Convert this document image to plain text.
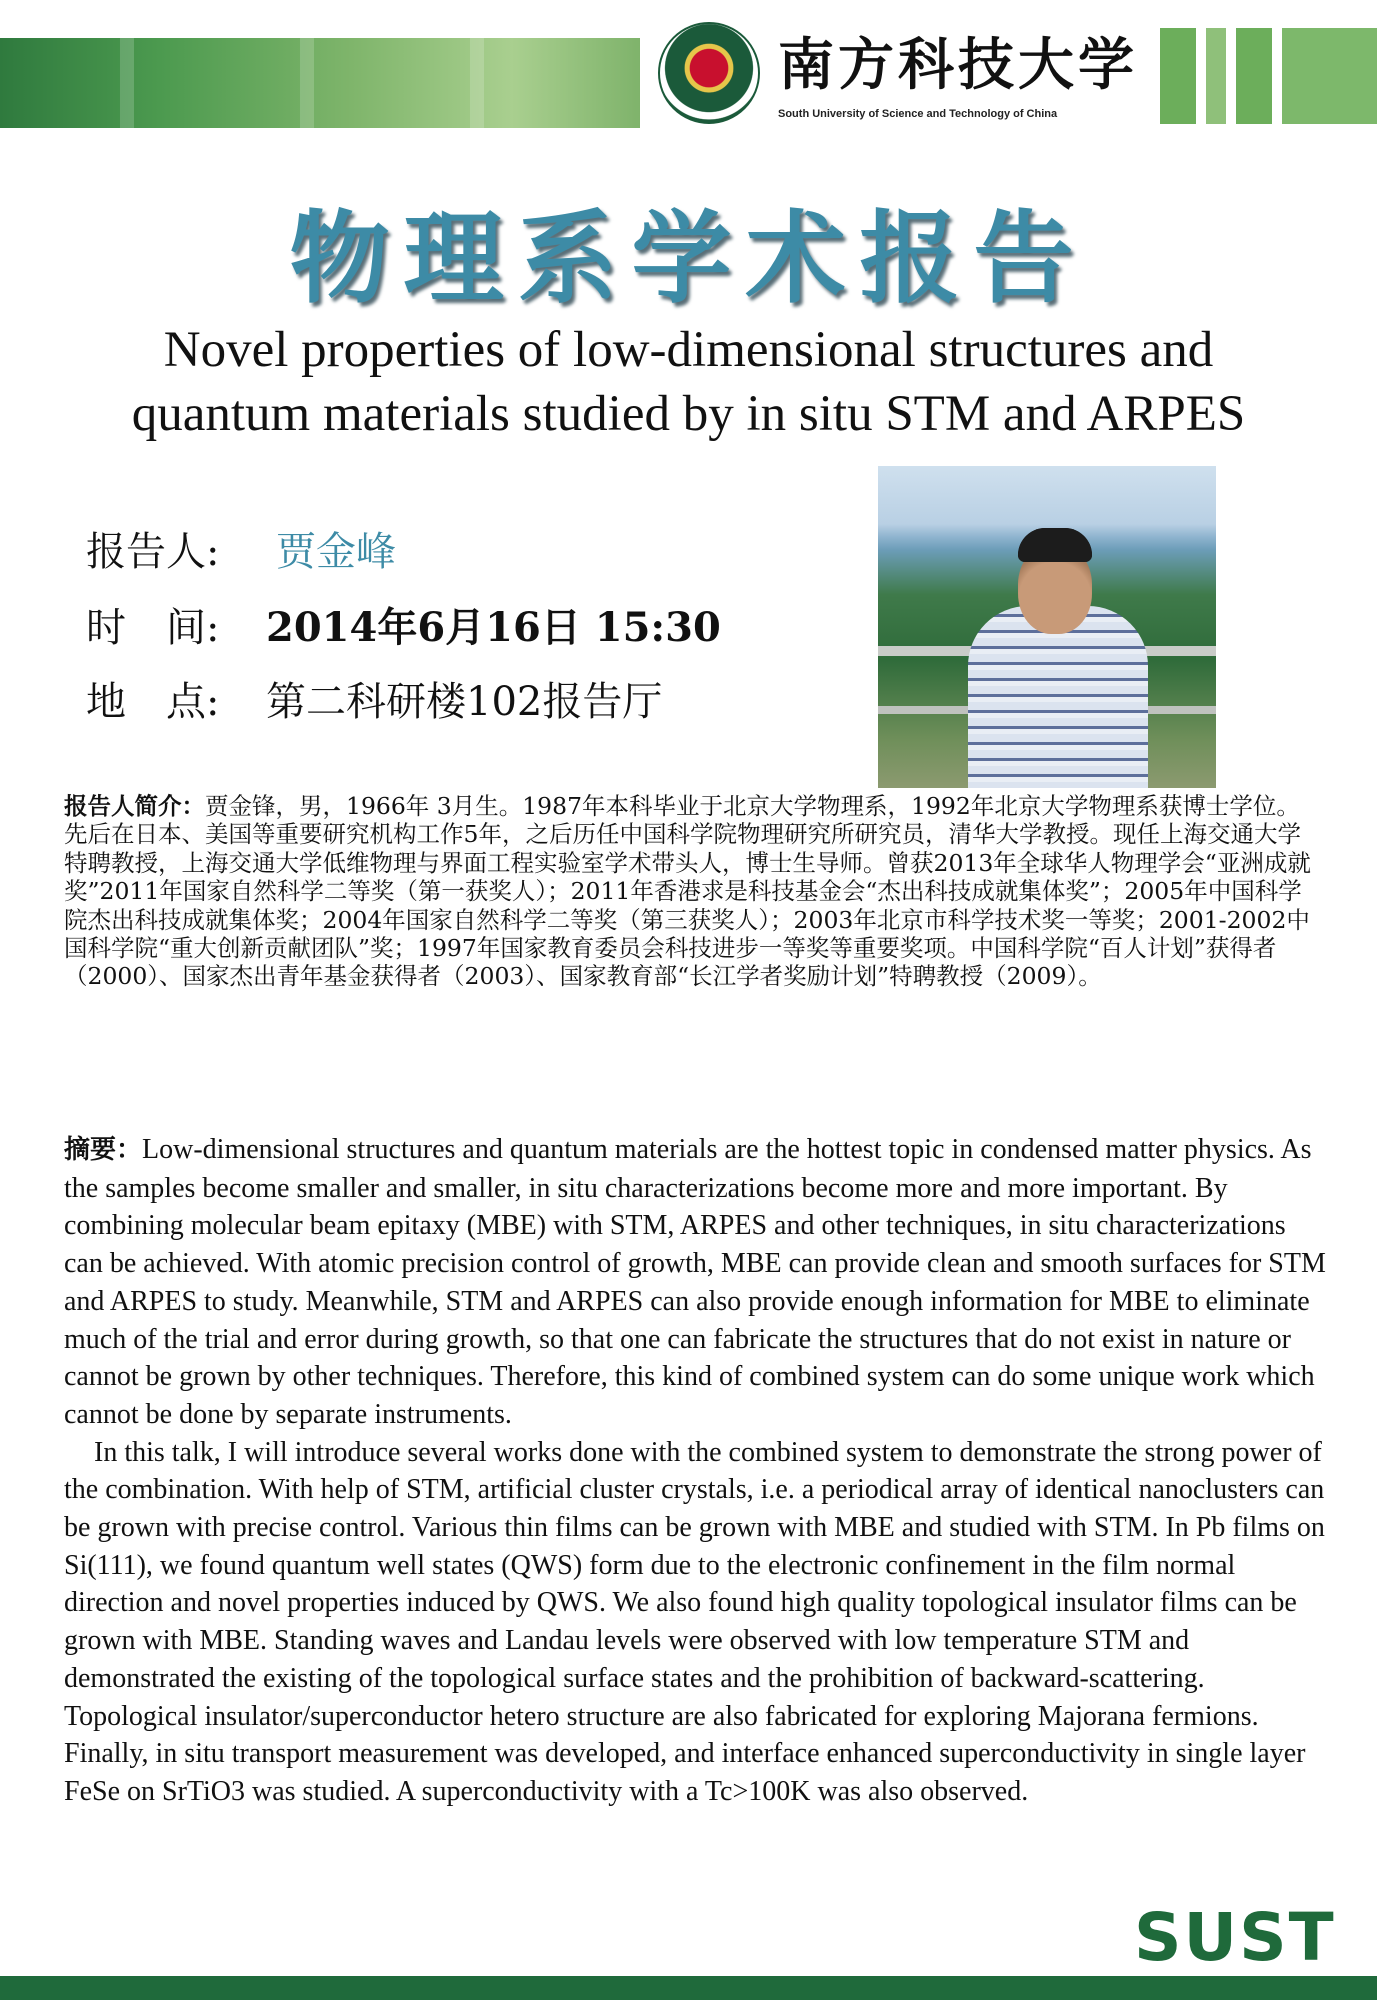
南方科技大学
South University of Science and Technology of China
物理系学术报告
Novel properties of low-dimensional structures and
quantum materials studied by in situ STM and ARPES
报告人: 贾金峰
时　间: 2014年6月16日 15:30
地　点: 第二科研楼102报告厅
报告人简介：贾金锋，男，1966年 3月生。1987年本科毕业于北京大学物理系，1992年北京大学物理系获博士学位。先后在日本、美国等重要研究机构工作5年，之后历任中国科学院物理研究所研究员，清华大学教授。现任上海交通大学特聘教授，上海交通大学低维物理与界面工程实验室学术带头人，博士生导师。曾获2013年全球华人物理学会“亚洲成就奖”2011年国家自然科学二等奖（第一获奖人）；2011年香港求是科技基金会“杰出科技成就集体奖”；2005年中国科学院杰出科技成就集体奖；2004年国家自然科学二等奖（第三获奖人）；2003年北京市科学技术奖一等奖；2001-2002中国科学院“重大创新贡献团队”奖；1997年国家教育委员会科技进步一等奖等重要奖项。中国科学院“百人计划”获得者（2000）、国家杰出青年基金获得者（2003）、国家教育部“长江学者奖励计划”特聘教授（2009）。

摘要：Low-dimensional structures and quantum materials are the hottest topic in condensed matter physics. As the samples become smaller and smaller, in situ characterizations become more and more important. By combining molecular beam epitaxy (MBE) with STM, ARPES and other techniques, in situ characterizations can be achieved. With atomic precision control of growth, MBE can provide clean and smooth surfaces for STM and ARPES to study. Meanwhile, STM and ARPES can also provide enough information for MBE to eliminate much of the trial and error during growth, so that one can fabricate the structures that do not exist in nature or cannot be grown by other techniques. Therefore, this kind of combined system can do some unique work which cannot be done by separate instruments.

In this talk, I will introduce several works done with the combined system to demonstrate the strong power of the combination. With help of STM, artificial cluster crystals, i.e. a periodical array of identical nanoclusters can be grown with precise control. Various thin films can be grown with MBE and studied with STM. In Pb films on Si(111), we found quantum well states (QWS) form due to the electronic confinement in the film normal direction and novel properties induced by QWS. We also found high quality topological insulator films can be grown with MBE. Standing waves and Landau levels were observed with low temperature STM and demonstrated the existing of the topological surface states and the prohibition of backward-scattering. Topological insulator/superconductor hetero structure are also fabricated for exploring Majorana fermions. Finally, in situ transport measurement was developed, and interface enhanced superconductivity in single layer FeSe on SrTiO3 was studied. A superconductivity with a Tc>100K was also observed.

SUST
